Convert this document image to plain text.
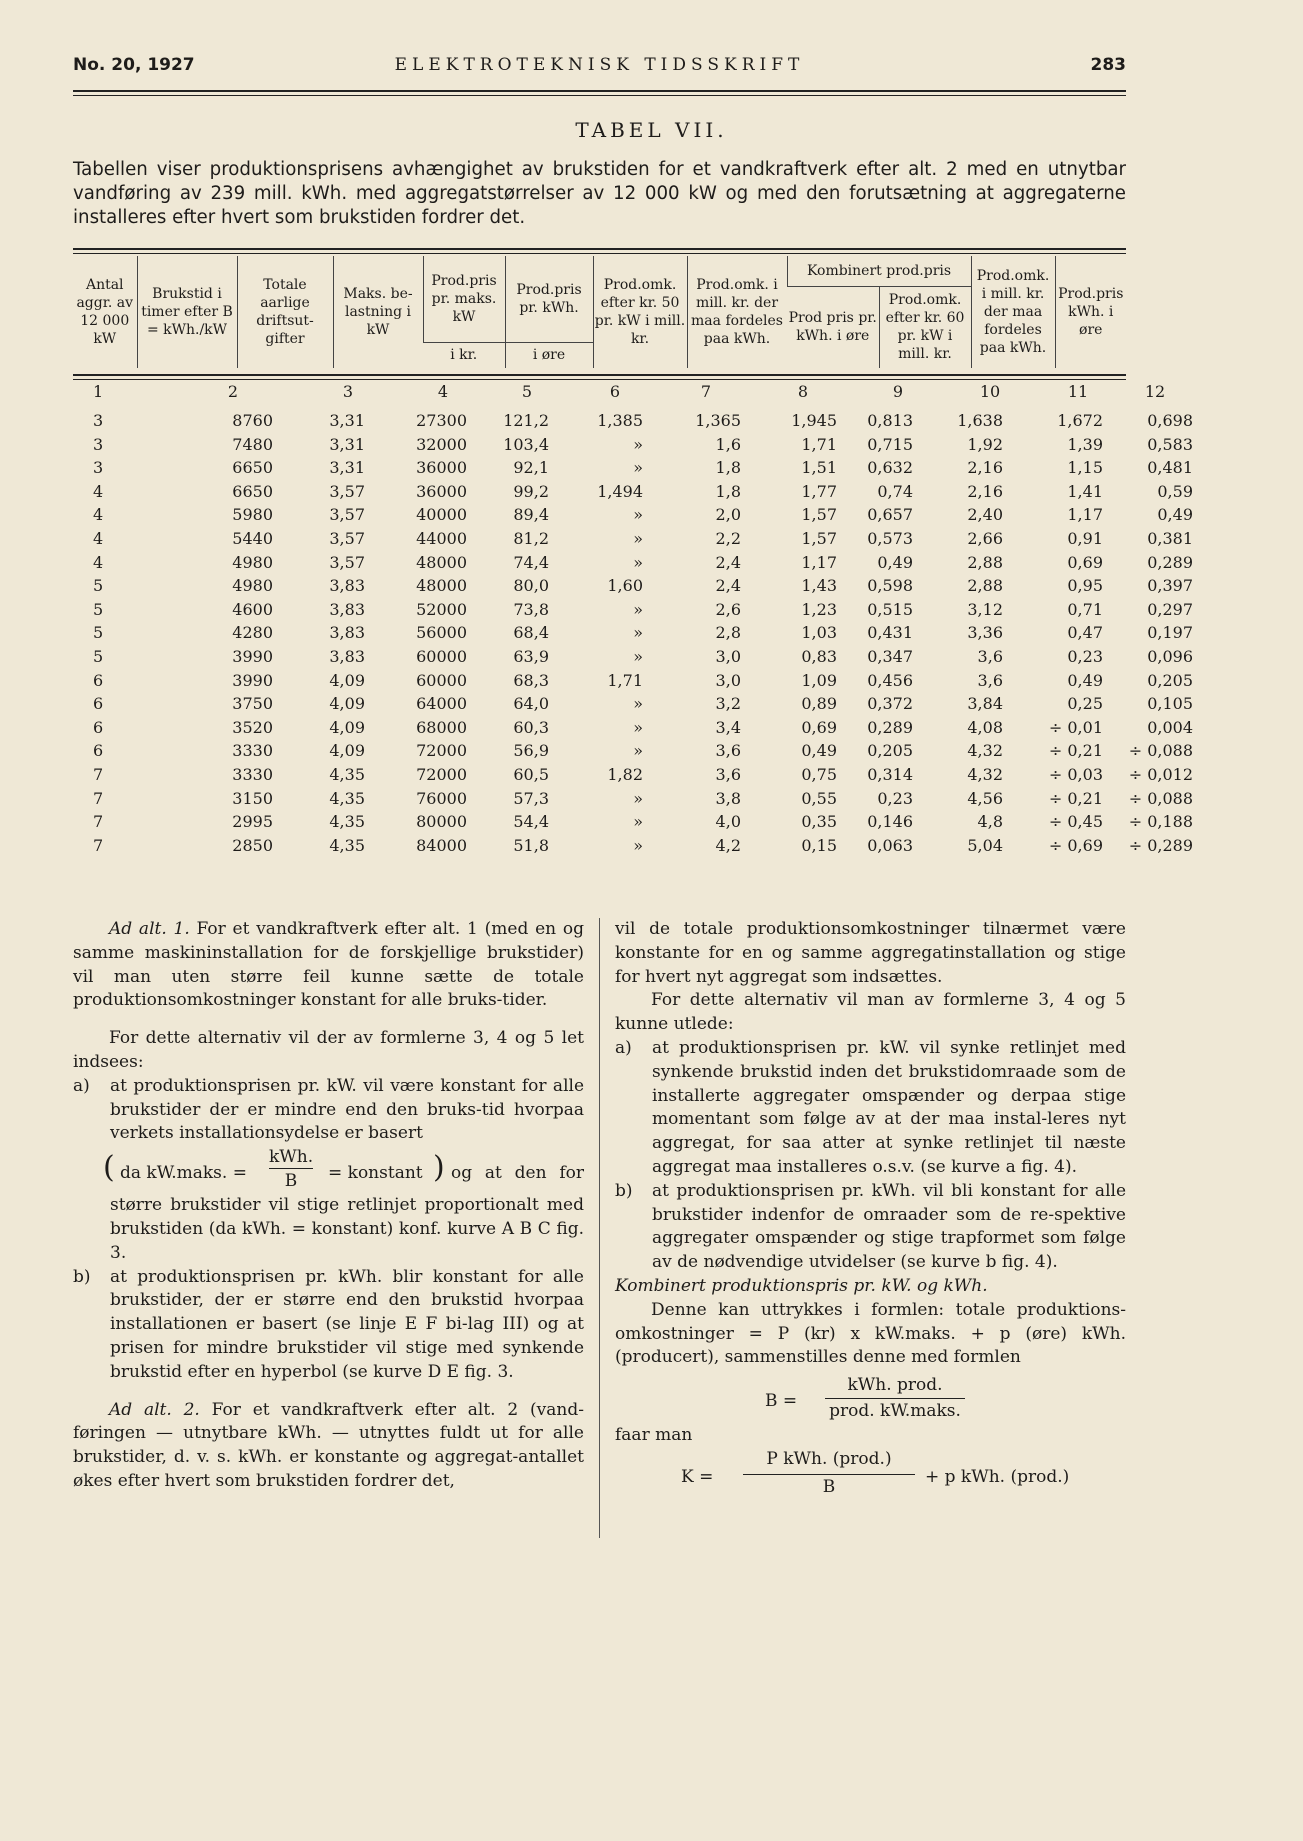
No. 20, 1927	ELEKTROTEKNISK TIDSSKRIFT	283
TABEL VII.
Tabellen viser produktionsprisens avhængighet av brukstiden for et vandkraftverk efter alt. 2 med en utnytbar vandføring av 239 mill. kWh. med aggregatstørrelser av 12 000 kW og med den forutsætning at aggregaterne installeres efter hvert som brukstiden fordrer det.
Antal aggr. av 12 000 kW	Brukstid i timer efter B = kWh./kW	Totale aarlige driftsut-gifter	Maks. be-lastning i kW	Prod.pris pr. maks. kW	Prod.pris pr. kWh.	Prod.omk. efter kr. 50 pr. kW i mill. kr.	Prod.omk. i mill. kr. der maa fordeles paa kWh.	Kombinert prod.pris		Prod.omk. i mill. kr. der maa fordeles paa kWh.	Prod.pris kWh. i øre
								Prod pris pr. kWh. i øre	Prod.omk. efter kr. 60 pr. kW i mill. kr.		
				i kr.	i øre						
1	2	3	4	5	6	7	8	9	10	11	12
3	8760	3,31	27300	121,2	1,385	1,365	1,945	0,813	1,638	1,672	0,698
3	7480	3,31	32000	103,4	»	1,6	1,71	0,715	1,92	1,39	0,583
3	6650	3,31	36000	92,1	»	1,8	1,51	0,632	2,16	1,15	0,481
4	6650	3,57	36000	99,2	1,494	1,8	1,77	0,74	2,16	1,41	0,59
4	5980	3,57	40000	89,4	»	2,0	1,57	0,657	2,40	1,17	0,49
4	5440	3,57	44000	81,2	»	2,2	1,57	0,573	2,66	0,91	0,381
4	4980	3,57	48000	74,4	»	2,4	1,17	0,49	2,88	0,69	0,289
5	4980	3,83	48000	80,0	1,60	2,4	1,43	0,598	2,88	0,95	0,397
5	4600	3,83	52000	73,8	»	2,6	1,23	0,515	3,12	0,71	0,297
5	4280	3,83	56000	68,4	»	2,8	1,03	0,431	3,36	0,47	0,197
5	3990	3,83	60000	63,9	»	3,0	0,83	0,347	3,6	0,23	0,096
6	3990	4,09	60000	68,3	1,71	3,0	1,09	0,456	3,6	0,49	0,205
6	3750	4,09	64000	64,0	»	3,2	0,89	0,372	3,84	0,25	0,105
6	3520	4,09	68000	60,3	»	3,4	0,69	0,289	4,08	÷ 0,01	0,004
6	3330	4,09	72000	56,9	»	3,6	0,49	0,205	4,32	÷ 0,21	÷ 0,088
7	3330	4,35	72000	60,5	1,82	3,6	0,75	0,314	4,32	÷ 0,03	÷ 0,012
7	3150	4,35	76000	57,3	»	3,8	0,55	0,23	4,56	÷ 0,21	÷ 0,088
7	2995	4,35	80000	54,4	»	4,0	0,35	0,146	4,8	÷ 0,45	÷ 0,188
7	2850	4,35	84000	51,8	»	4,2	0,15	0,063	5,04	÷ 0,69	÷ 0,289

Ad alt. 1. For et vandkraftverk efter alt. 1 (med en og samme maskininstallation for de forskjellige brukstider) vil man uten større feil kunne sætte de totale produktionsomkostninger konstant for alle bruks-tider.

For dette alternativ vil der av formlerne 3, 4 og 5 let indsees:

a) at produktionsprisen pr. kW. vil være konstant for alle brukstider der er mindre end den bruks-tid hvorpaa verkets installationsydelse er basert

( da kW.maks. =
kWh.
B	= konstant ) og at den for

større brukstider vil stige retlinjet proportionalt med brukstiden (da kWh. = konstant) konf. kurve A B C fig. 3.

b) at produktionsprisen pr. kWh. blir konstant for alle brukstider, der er større end den brukstid hvorpaa installationen er basert (se linje E F bi-lag III) og at prisen for mindre brukstider vil stige med synkende brukstid efter en hyperbol (se kurve D E fig. 3.

Ad alt. 2. For et vandkraftverk efter alt. 2 (vand-føringen — utnytbare kWh. — utnyttes fuldt ut for alle brukstider, d. v. s. kWh. er konstante og aggregat-antallet økes efter hvert som brukstiden fordrer det,

vil de totale produktionsomkostninger tilnærmet være konstante for en og samme aggregatinstallation og stige for hvert nyt aggregat som indsættes.

For dette alternativ vil man av formlerne 3, 4 og 5 kunne utlede:

a) at produktionsprisen pr. kW. vil synke retlinjet med synkende brukstid inden det brukstidomraade som de installerte aggregater omspænder og derpaa stige momentant som følge av at der maa instal-leres nyt aggregat, for saa atter at synke retlinjet til næste aggregat maa installeres o.s.v. (se kurve a fig. 4).

b) at produktionsprisen pr. kWh. vil bli konstant for alle brukstider indenfor de omraader som de re-spektive aggregater omspænder og stige trapformet som følge av de nødvendige utvidelser (se kurve b fig. 4).

Kombinert produktionspris pr. kW. og kWh.

Denne kan uttrykkes i formlen: totale produktions-omkostninger = P (kr) x kW.maks. + p (øre) kWh. (producert), sammenstilles denne med formlen

B =
kWh. prod.
prod. kW.maks.

faar man

K =
P kWh. (prod.)
B	+ p kWh. (prod.)
